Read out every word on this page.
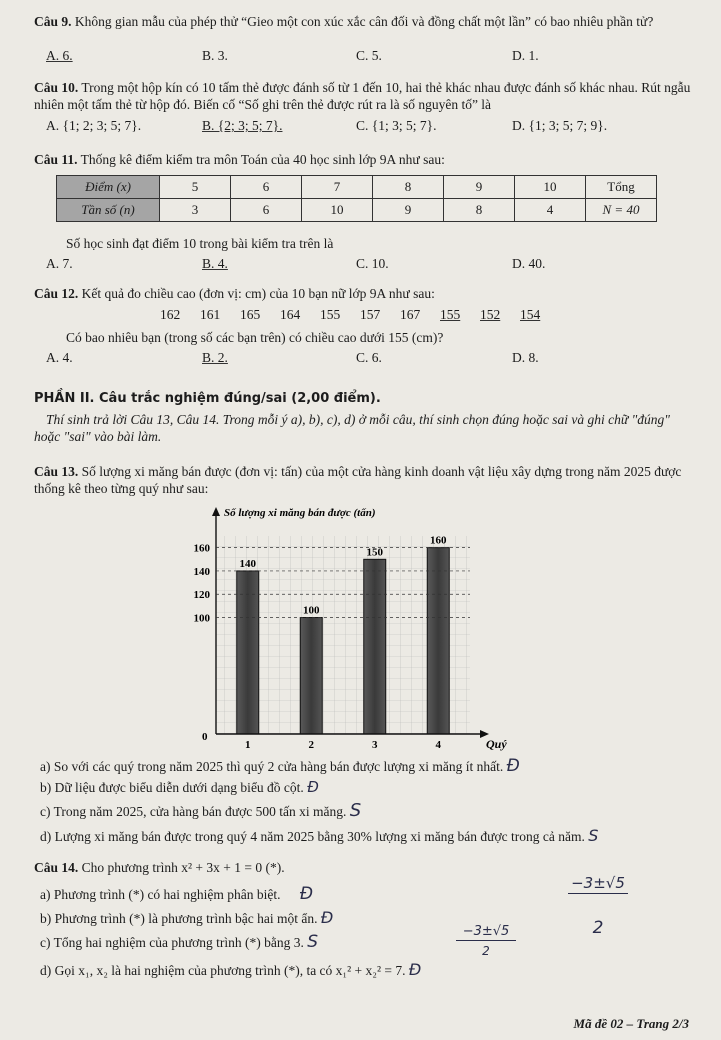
Câu 9. Không gian mẫu của phép thử “Gieo một con xúc xắc cân đối và đồng chất một lần” có bao nhiêu phần tử?
A. 6.	B. 3.	C. 5.	D. 1.
Câu 10. Trong một hộp kín có 10 tấm thẻ được đánh số từ 1 đến 10, hai thẻ khác nhau được đánh số khác nhau. Rút ngẫu nhiên một tấm thẻ từ hộp đó. Biến cố “Số ghi trên thẻ được rút ra là số nguyên tố” là
A. {1; 2; 3; 5; 7}.	B. {2; 3; 5; 7}.	C. {1; 3; 5; 7}.	D. {1; 3; 5; 7; 9}.
Câu 11. Thống kê điểm kiểm tra môn Toán của 40 học sinh lớp 9A như sau:
Điểm (x)	5	6	7	8	9	10	Tổng
Tần số (n)	3	6	10	9	8	4	N = 40
Số học sinh đạt điểm 10 trong bài kiểm tra trên là
A. 7.	B. 4.	C. 10.	D. 40.
Câu 12. Kết quả đo chiều cao (đơn vị: cm) của 10 bạn nữ lớp 9A như sau:
162 161 165 164 155 157 167 155 152 154
Có bao nhiêu bạn (trong số các bạn trên) có chiều cao dưới 155 (cm)?
A. 4.	B. 2.	C. 6.	D. 8.
PHẦN II. Câu trắc nghiệm đúng/sai (2,00 điểm).
Thí sinh trả lời Câu 13, Câu 14. Trong mỗi ý a), b), c), d) ở mỗi câu, thí sinh chọn đúng hoặc sai và ghi chữ "đúng" hoặc "sai" vào bài làm.
Câu 13. Số lượng xi măng bán được (đơn vị: tấn) của một cửa hàng kinh doanh vật liệu xây dựng trong năm 2025 được thống kê theo từng quý như sau:
140
100
150
160
100
120
140
160
1	2	3	4
Số lượng xi măng bán được (tấn)
Quý
0
a) So với các quý trong năm 2025 thì quý 2 cửa hàng bán được lượng xi măng ít nhất. Đ
b) Dữ liệu được biểu diễn dưới dạng biểu đồ cột. Đ
c) Trong năm 2025, cửa hàng bán được 500 tấn xi măng. S
d) Lượng xi măng bán được trong quý 4 năm 2025 bằng 30% lượng xi măng bán được trong cả năm. S
Câu 14. Cho phương trình x² + 3x + 1 = 0 (*).
a) Phương trình (*) có hai nghiệm phân biệt. Đ
b) Phương trình (*) là phương trình bậc hai một ẩn. Đ
c) Tổng hai nghiệm của phương trình (*) bằng 3. S
d) Gọi x₁, x₂ là hai nghiệm của phương trình (*), ta có x₁² + x₂² = 7. Đ
−3±√5
2
−3±√5
2
Mã đề 02 – Trang 2/3
